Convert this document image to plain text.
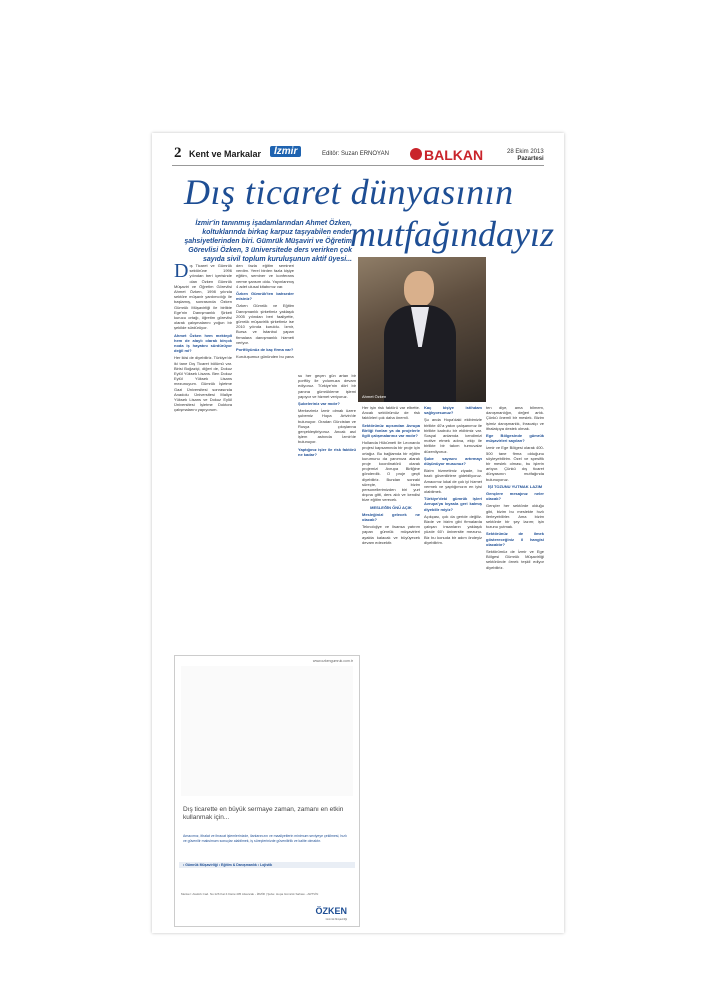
2 Kent ve Markalar	İzmir	Editör: Suzan ERNOYAN	BALKAN	28 Ekim 2013
Pazartesi
Dış ticaret dünyasının
mutfağındayız
İzmir'in tanınmış işadamlarından Ahmet Özken, koltuklarında birkaç karpuz taşıyabilen ender şahsiyetlerinden biri. Gümrük Müşaviri ve Öğretim Görevlisi Özken, 3 üniversitede ders verirken çok sayıda sivil toplum kuruluşunun aktif üyesi...
D ış Ticaret ve Gümrük sektörüne 1996 yılından beri içerisinde olan Özken Gümrük Müşaviri ve Öğretim Görevlisi Ahmet Özken, 1998 yılında sektöre müşavir yardımcılığı ile başlamış, sonrasında Özken Gümrük Müşavirliği ile birlikte Ege'nin Danışmanlık Şirketi kurucu ortağı, öğretim görevlisi olarak çalışmalarını yoğun bir şekilde sürdürüyor.

Ahmet Özken hem mektepli hem de alaylı olarak birçok noda iş hayatını sürdürüyor değil mi?

Her ikisi de diyebiliriz. Türkiye'de iki tane Dış Ticaret bölümü var. Birisi Boğaziçi, diğeri de, Dokuz Eylül Yüksek Lisans. Ben Dokuz Eylül Yüksek Lisans mezunuyum. Gümrük İşletme Gazi Üniversitesi sonrasında Anadolu Üniversitesi Maliye Yüksek Lisans ve Dokuz Eylül Üniversitesi İşletme Doktora çalışmalarını yapıyorum.

den fazla eğitim semineri verdim. Yerel birden fazla kişiye eğitim, seminer ve konferans verme şansım oldu. Yayınlanmış 4 adet ulusal kitabımız var.

Özken Gümrük'ten bahseder misiniz?

Özken Gümrük ve Eğitim Danışmanlık şirketimiz yaklaşık 2005 yılından beri faaliyette, gümrük müşavirlik şirketimiz ise 2010 yılında kuruldu. İzmir, Bursa ve İstanbul yapan firmalara danışmanlık hizmeti veriyor.

Portföyünüz de kaç firma var?

Kuruluşumuz gününden bu yana

su her geçen gün artan bir portföy ile yolumuza devam ediyoruz. Türkiye'nin dört bir yanına gümrükleme işlemi yapıyor ve hizmet veriyoruz.

Şubeleriniz var mıdır?

Merkezimiz İzmir olmak üzere şubemiz Hopa Artvin'de bulunuyor. Oradan Gürcistan ve Rusya çıkışlarına gerçekleştiriyoruz. Ancak asıl işlem ashında İzmir'de bulunuyor.

Yaptığınız işler ile risk faktörü ne kadar?

Ahmet Özken

Her işin risk faktörü var elbette. Ancak sektörümüz de risk faktörleri çok daha önemli.

Sektörünüz açısından Avrupa Birliği fonları ya da projelerle ilgili çalışmalarınız var mıdır?

Hollanda Hükümeti ile Leonardo projesi kapsamında bir proje için ortağız. Bu bağlamda bir eğitim kurumunu da yanımıza alarak proje koordinatörü olarak projemizi Avrupa Birliğine gönderdik. O proje geçti diyebiliriz. Bundan sonraki süreçte, bizim personellerimizden biri yurt dışına gitti, ders aldı ve kendisi bize eğitim verecek.

MESLEĞİN ÖNÜ AÇIK

Mesleğinizi gelecek ne olacak?

Teknolojiye ve lisansa yatırım yapan gümrük müşavirleri ayakta kalacak ve büyüyecek devam edecektir.

Kaç kişiye istihdam sağlıyorsunuz?

Şu anda Hopa'daki ekibimizle birlikte 40'a yakın çalışanımız ile birlikte kadrolu bir ekibimiz var. Sosyal anlamda kendimizi motive etmek adına, ekip ile birlikte bir takım turnuvalar düzenliyoruz.

Şube sayısını artırmayı düşünüyor musunuz?

Bizim hizmetimiz ziyade, bu bazlı güvenilirlere gidebiliyoruz. Amacımız lokal de çok iyi hizmet vermek ve yaptığımızın en iyisi olabilmek.

Türkiye'deki gümrük işleri Avrupa'ya kıyasla geri kalmış diyebilir miyiz?

Açıkçası, çok da geride değiliz. Bizde ve bizim gibi firmalarda çalışan insanların yaklaşık yüzde 60'ı üniversite mezunu. Biz bu konuda bir adım öndeyiz diyebilirim.

ten diye, ama bilmem, danışmanlığın, değeri artık. Çünkü önemli bir meslek. Bizim işimiz danışmanlık, ihracatçı ve ithalatçıya destek olmak.

Ege Bölgesinde gümrük müşavirleri sayıları?

İzmir ve Ege Bölgesi olarak 400-500 tane firma olduğunu söyleyebilirim. Özel ve spesifik bir meslek olması, bu işlerin artıyor. Çünkü dış ticaret dünyasının mutfağında bulunuyoruz.

İŞİ TOZUNU YUTMAK LAZIM

Gençlere mesajınız neler olacak?

Gençler her sektörde olduğu gibi, bizim bu meslekte hızlı ilerleyebilirler. Ama bizim sektörde bir şey lazım; işin tozunu yutmak.

Sektörünüz de ilmek göstereceğiniz il hangisi olacaktır?

Sektörümüz de İzmir ve Ege Bölgesi Gümrük Müşavirliği sektöründe örnek teşkil ediyor diyebiliriz.

www.ozkengumruk.com.tr
Dış ticarette en büyük sermaye zaman, zamanı en etkin kullanmak için...
Amacımız, ithalat ve ihracat işlemlerinizde, ilanlarınızın ve maaliyetlerin minimum seviyeye çekilmesi, hızlı ve güvenilir maksimum sonuçlar alabilmek, iş süreçlerinizde güvenilirlik ve kalite olmaktır.
• Gümrük Müşavirliği • Eğitim & Danışmanlık • Lojistik
Merkez: Atatürk Cad. No:126 Kat:4 Daire:405 Alsancak - İZMİR | Şube: Hopa Gümrük Sahası - ARTVİN
ÖZKEN
Gümrük Müşavirliği
